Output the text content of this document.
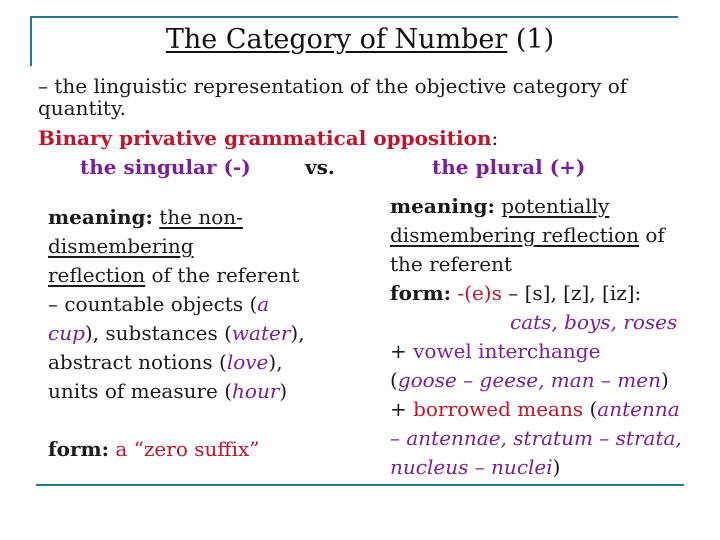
The Category of Number (1)
– the linguistic representation of the objective category of
quantity.
Binary privative grammatical opposition:
the singular (-)	vs.	the plural (+)
meaning: the non-
dismembering
reflection of the referent
– countable objects (a
cup), substances (water),
abstract notions (love),
units of measure (hour)
form: a “zero suffix”
meaning: potentially
dismembering reflection of
the referent
form: -(e)s – [s], [z], [iz]:
cats, boys, roses
+ vowel interchange
(goose – geese, man – men)
+ borrowed means (antenna
– antennae, stratum – strata,
nucleus – nuclei)
